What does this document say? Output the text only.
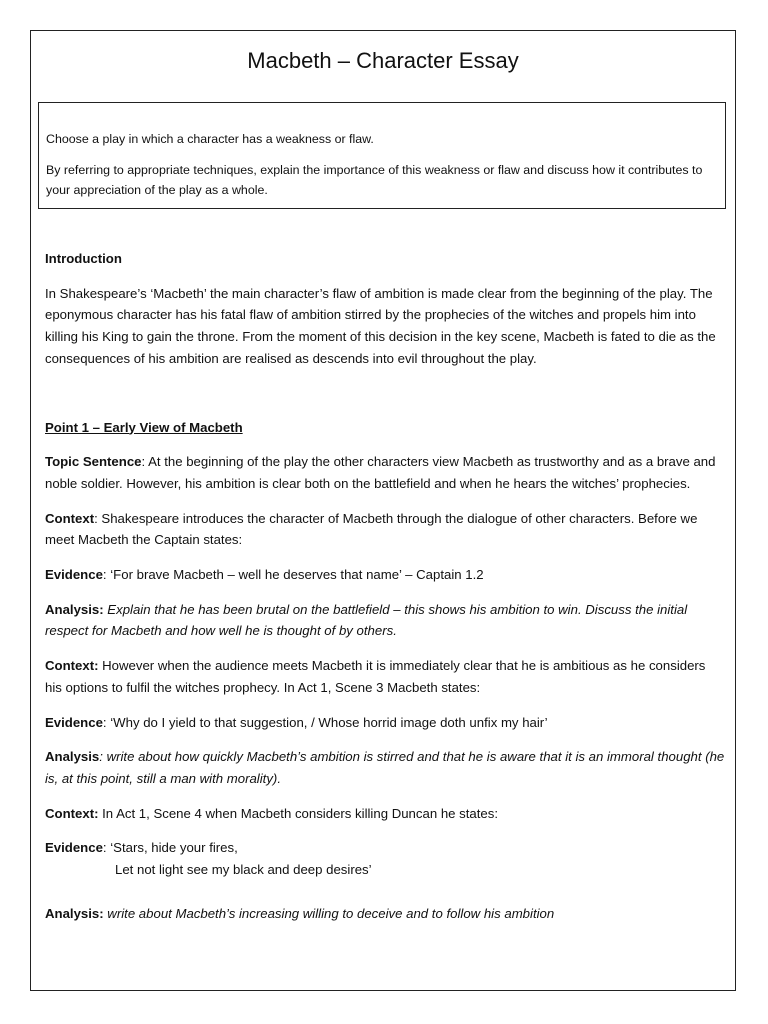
Macbeth – Character Essay

Choose a play in which a character has a weakness or flaw.

By referring to appropriate techniques, explain the importance of this weakness or flaw and discuss how it contributes to your appreciation of the play as a whole.

Introduction

In Shakespeare’s ‘Macbeth’ the main character’s flaw of ambition is made clear from the beginning of the play. The eponymous character has his fatal flaw of ambition stirred by the prophecies of the witches and propels him into killing his King to gain the throne. From the moment of this decision in the key scene, Macbeth is fated to die as the consequences of his ambition are realised as descends into evil throughout the play.

Point 1 – Early View of Macbeth

Topic Sentence: At the beginning of the play the other characters view Macbeth as trustworthy and as a brave and noble soldier. However, his ambition is clear both on the battlefield and when he hears the witches’ prophecies.

Context: Shakespeare introduces the character of Macbeth through the dialogue of other characters. Before we meet Macbeth the Captain states:

Evidence: ‘For brave Macbeth – well he deserves that name’ – Captain 1.2

Analysis: Explain that he has been brutal on the battlefield – this shows his ambition to win. Discuss the initial respect for Macbeth and how well he is thought of by others.

Context: However when the audience meets Macbeth it is immediately clear that he is ambitious as he considers his options to fulfil the witches prophecy. In Act 1, Scene 3 Macbeth states:

Evidence: ‘Why do I yield to that suggestion, / Whose horrid image doth unfix my hair’

Analysis: write about how quickly Macbeth’s ambition is stirred and that he is aware that it is an immoral thought (he is, at this point, still a man with morality).

Context: In Act 1, Scene 4 when Macbeth considers killing Duncan he states:

Evidence: ‘Stars, hide your fires,
Let not light see my black and deep desires’

Analysis: write about Macbeth’s increasing willing to deceive and to follow his ambition
